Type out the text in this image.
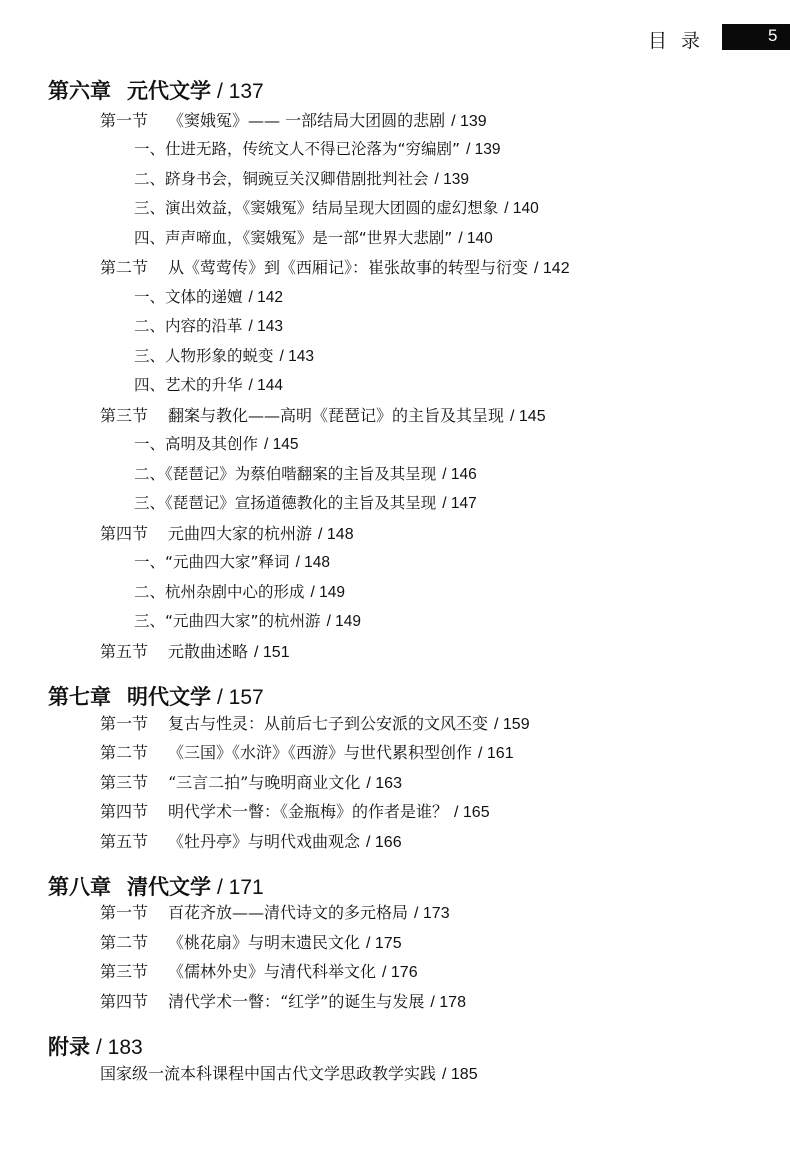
目 录	5
第六章 元代文学 / 137
第一节 《窦娥冤》—— 一部结局大团圆的悲剧 / 139
一、仕进无路，传统文人不得已沦落为“穷编剧” / 139
二、跻身书会，铜豌豆关汉卿借剧批判社会 / 139
三、演出效益，《窦娥冤》结局呈现大团圆的虚幻想象 / 140
四、声声啼血，《窦娥冤》是一部“世界大悲剧” / 140
第二节 从《莺莺传》到《西厢记》：崔张故事的转型与衍变 / 142
一、文体的递嬗 / 142
二、内容的沿革 / 143
三、人物形象的蜕变 / 143
四、艺术的升华 / 144
第三节 翻案与教化——高明《琵琶记》的主旨及其呈现 / 145
一、高明及其创作 / 145
二、《琵琶记》为蔡伯喈翻案的主旨及其呈现 / 146
三、《琵琶记》宣扬道德教化的主旨及其呈现 / 147
第四节 元曲四大家的杭州游 / 148
一、“元曲四大家”释词 / 148
二、杭州杂剧中心的形成 / 149
三、“元曲四大家”的杭州游 / 149
第五节 元散曲述略 / 151
第七章 明代文学 / 157
第一节 复古与性灵：从前后七子到公安派的文风丕变 / 159
第二节 《三国》《水浒》《西游》与世代累积型创作 / 161
第三节 “三言二拍”与晚明商业文化 / 163
第四节 明代学术一瞥：《金瓶梅》的作者是谁？ / 165
第五节 《牡丹亭》与明代戏曲观念 / 166
第八章 清代文学 / 171
第一节 百花齐放——清代诗文的多元格局 / 173
第二节 《桃花扇》与明末遗民文化 / 175
第三节 《儒林外史》与清代科举文化 / 176
第四节 清代学术一瞥：“红学”的诞生与发展 / 178
附录 / 183
国家级一流本科课程中国古代文学思政教学实践 / 185
